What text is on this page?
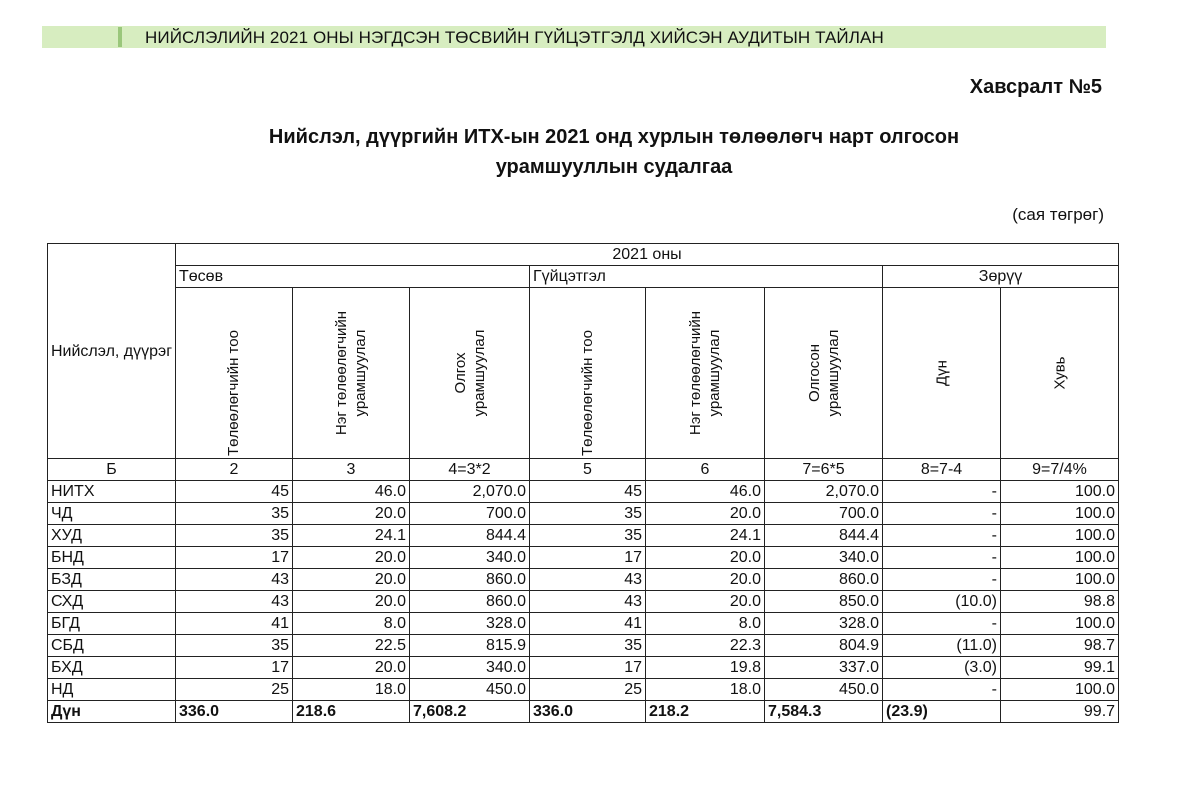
НИЙСЛЭЛИЙН 2021 ОНЫ НЭГДСЭН ТӨСВИЙН ГҮЙЦЭТГЭЛД ХИЙСЭН АУДИТЫН ТАЙЛАН
Хавсралт №5
Нийслэл, дүүргийн ИТХ-ын 2021 онд хурлын төлөөлөгч нарт олгосон
урамшууллын судалгаа
(сая төгрөг)
Нийслэл, дүүрэг	2021 оны							
	Төсөв			Гүйцэтгэл			Зөрүү	

	Төлөөлөгчийн тоо	Нэг төлөөлөгчийн урамшуулал	Олгох урамшуулал	Төлөөлөгчийн тоо	Нэг төлөөлөгчийн урамшуулал	Олгосон урамшуулал	Дүн	Хувь

Б	2	3	4=3*2	5	6	7=6*5	8=7-4	9=7/4%
НИТХ	45	46.0	2,070.0	45	46.0	2,070.0	-	100.0
ЧД	35	20.0	700.0	35	20.0	700.0	-	100.0
ХУД	35	24.1	844.4	35	24.1	844.4	-	100.0
БНД	17	20.0	340.0	17	20.0	340.0	-	100.0
БЗД	43	20.0	860.0	43	20.0	860.0	-	100.0
СХД	43	20.0	860.0	43	20.0	850.0	(10.0)	98.8
БГД	41	8.0	328.0	41	8.0	328.0	-	100.0
СБД	35	22.5	815.9	35	22.3	804.9	(11.0)	98.7
БХД	17	20.0	340.0	17	19.8	337.0	(3.0)	99.1
НД	25	18.0	450.0	25	18.0	450.0	-	100.0
Дүн	336.0	218.6	7,608.2	336.0	218.2	7,584.3	(23.9)	99.7
